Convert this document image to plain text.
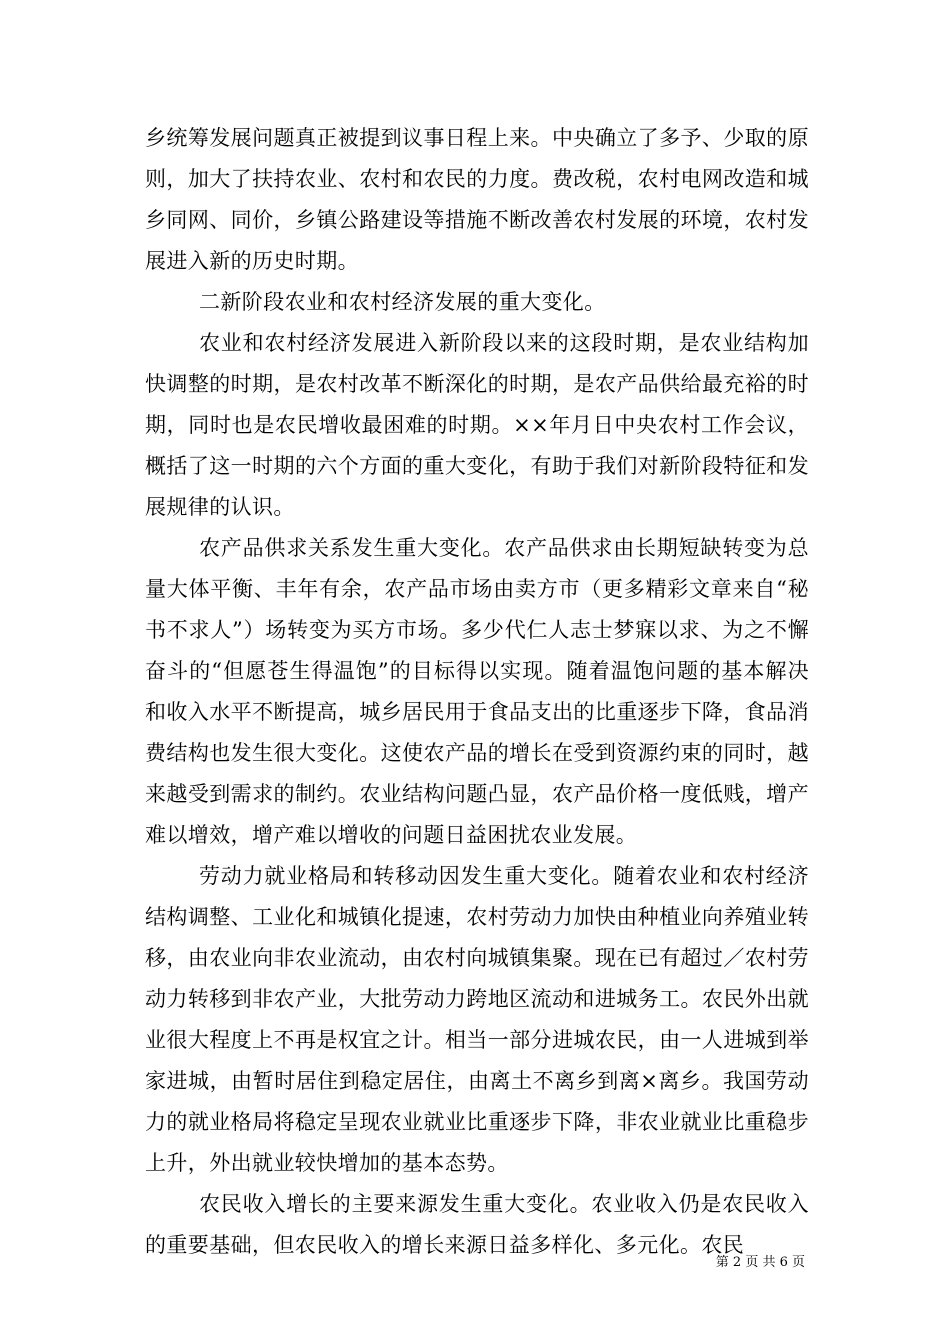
乡统筹发展问题真正被提到议事日程上来。中央确立了多予、少取的原则，加大了扶持农业、农村和农民的力度。费改税，农村电网改造和城乡同网、同价，乡镇公路建设等措施不断改善农村发展的环境，农村发展进入新的历史时期。

二新阶段农业和农村经济发展的重大变化。

农业和农村经济发展进入新阶段以来的这段时期，是农业结构加快调整的时期，是农村改革不断深化的时期，是农产品供给最充裕的时期，同时也是农民增收最困难的时期。××年月日中央农村工作会议，概括了这一时期的六个方面的重大变化，有助于我们对新阶段特征和发展规律的认识。

农产品供求关系发生重大变化。农产品供求由长期短缺转变为总量大体平衡、丰年有余，农产品市场由卖方市（更多精彩文章来自“秘书不求人”）场转变为买方市场。多少代仁人志士梦寐以求、为之不懈奋斗的“但愿苍生得温饱”的目标得以实现。随着温饱问题的基本解决和收入水平不断提高，城乡居民用于食品支出的比重逐步下降，食品消费结构也发生很大变化。这使农产品的增长在受到资源约束的同时，越来越受到需求的制约。农业结构问题凸显，农产品价格一度低贱，增产难以增效，增产难以增收的问题日益困扰农业发展。

劳动力就业格局和转移动因发生重大变化。随着农业和农村经济结构调整、工业化和城镇化提速，农村劳动力加快由种植业向养殖业转移，由农业向非农业流动，由农村向城镇集聚。现在已有超过／农村劳动力转移到非农产业，大批劳动力跨地区流动和进城务工。农民外出就业很大程度上不再是权宜之计。相当一部分进城农民，由一人进城到举家进城，由暂时居住到稳定居住，由离土不离乡到离×离乡。我国劳动力的就业格局将稳定呈现农业就业比重逐步下降，非农业就业比重稳步上升，外出就业较快增加的基本态势。

农民收入增长的主要来源发生重大变化。农业收入仍是农民收入的重要基础，但农民收入的增长来源日益多样化、多元化。农民

第 2 页 共 6 页
